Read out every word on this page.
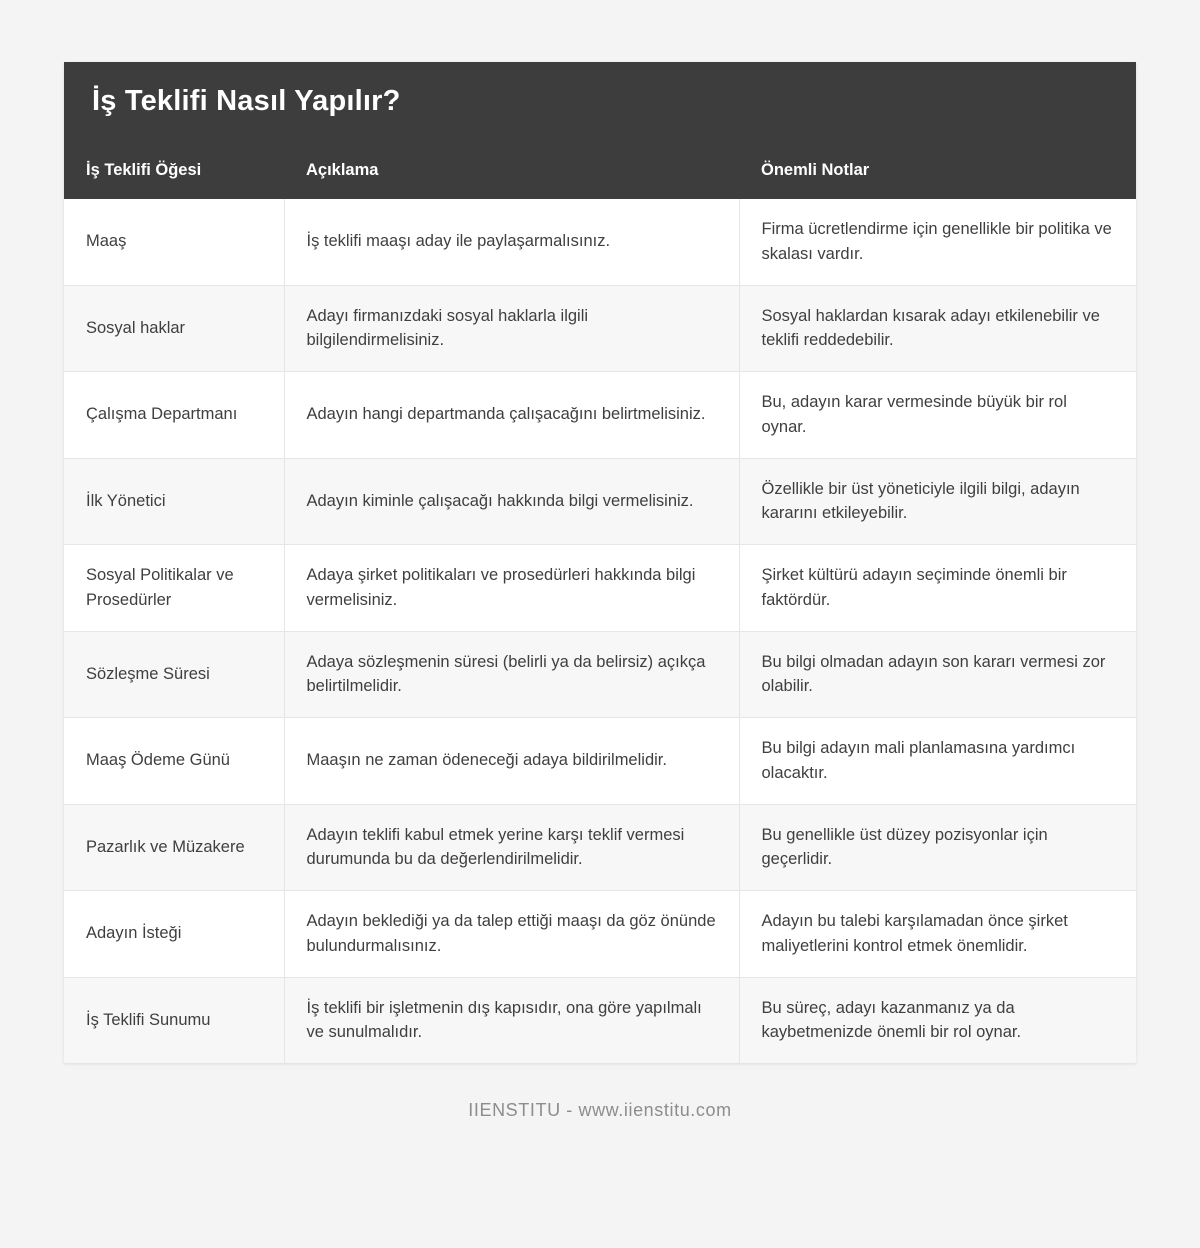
İş Teklifi Nasıl Yapılır?
İş Teklifi Öğesi	Açıklama	Önemli Notlar
Maaş	İş teklifi maaşı aday ile paylaşarmalısınız.	Firma ücretlendirme için genellikle bir politika ve skalası vardır.
Sosyal haklar	Adayı firmanızdaki sosyal haklarla ilgili bilgilendirmelisiniz.	Sosyal haklardan kısarak adayı etkilenebilir ve teklifi reddedebilir.
Çalışma Departmanı	Adayın hangi departmanda çalışacağını belirtmelisiniz.	Bu, adayın karar vermesinde büyük bir rol oynar.
İlk Yönetici	Adayın kiminle çalışacağı hakkında bilgi vermelisiniz.	Özellikle bir üst yöneticiyle ilgili bilgi, adayın kararını etkileyebilir.
Sosyal Politikalar ve Prosedürler	Adaya şirket politikaları ve prosedürleri hakkında bilgi vermelisiniz.	Şirket kültürü adayın seçiminde önemli bir faktördür.
Sözleşme Süresi	Adaya sözleşmenin süresi (belirli ya da belirsiz) açıkça belirtilmelidir.	Bu bilgi olmadan adayın son kararı vermesi zor olabilir.
Maaş Ödeme Günü	Maaşın ne zaman ödeneceği adaya bildirilmelidir.	Bu bilgi adayın mali planlamasına yardımcı olacaktır.
Pazarlık ve Müzakere	Adayın teklifi kabul etmek yerine karşı teklif vermesi durumunda bu da değerlendirilmelidir.	Bu genellikle üst düzey pozisyonlar için geçerlidir.
Adayın İsteği	Adayın beklediği ya da talep ettiği maaşı da göz önünde bulundurmalısınız.	Adayın bu talebi karşılamadan önce şirket maliyetlerini kontrol etmek önemlidir.
İş Teklifi Sunumu	İş teklifi bir işletmenin dış kapısıdır, ona göre yapılmalı ve sunulmalıdır.	Bu süreç, adayı kazanmanız ya da kaybetmenizde önemli bir rol oynar.
IIENSTITU - www.iienstitu.com
